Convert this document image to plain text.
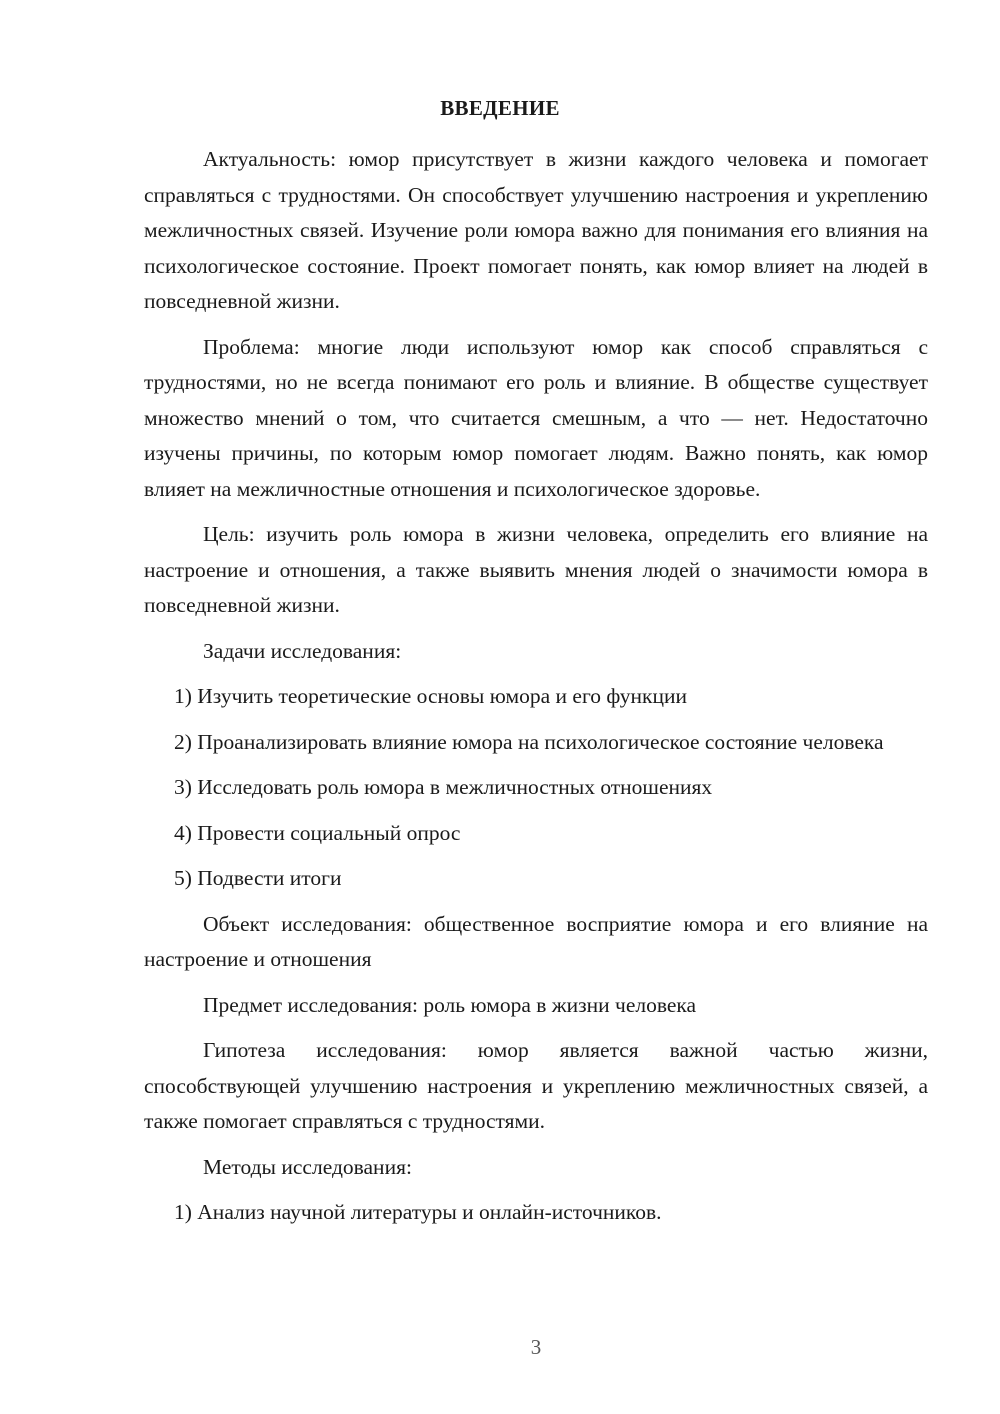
ВВЕДЕНИЕ

Актуальность: юмор присутствует в жизни каждого человека и помогает справляться с трудностями. Он способствует улучшению настроения и укреплению межличностных связей. Изучение роли юмора важно для понимания его влияния на психологическое состояние. Проект помогает понять, как юмор влияет на людей в повседневной жизни.

Проблема: многие люди используют юмор как способ справляться с трудностями, но не всегда понимают его роль и влияние. В обществе существует множество мнений о том, что считается смешным, а что — нет. Недостаточно изучены причины, по которым юмор помогает людям. Важно понять, как юмор влияет на межличностные отношения и психологическое здоровье.

Цель: изучить роль юмора в жизни человека, определить его влияние на настроение и отношения, а также выявить мнения людей о значимости юмора в повседневной жизни.

Задачи исследования:

1) Изучить теоретические основы юмора и его функции

2) Проанализировать влияние юмора на психологическое состояние человека

3) Исследовать роль юмора в межличностных отношениях

4) Провести социальный опрос

5) Подвести итоги

Объект исследования: общественное восприятие юмора и его влияние на настроение и отношения

Предмет исследования: роль юмора в жизни человека

Гипотеза исследования: юмор является важной частью жизни, способствующей улучшению настроения и укреплению межличностных связей, а также помогает справляться с трудностями.

Методы исследования:

1) Анализ научной литературы и онлайн-источников.

3
